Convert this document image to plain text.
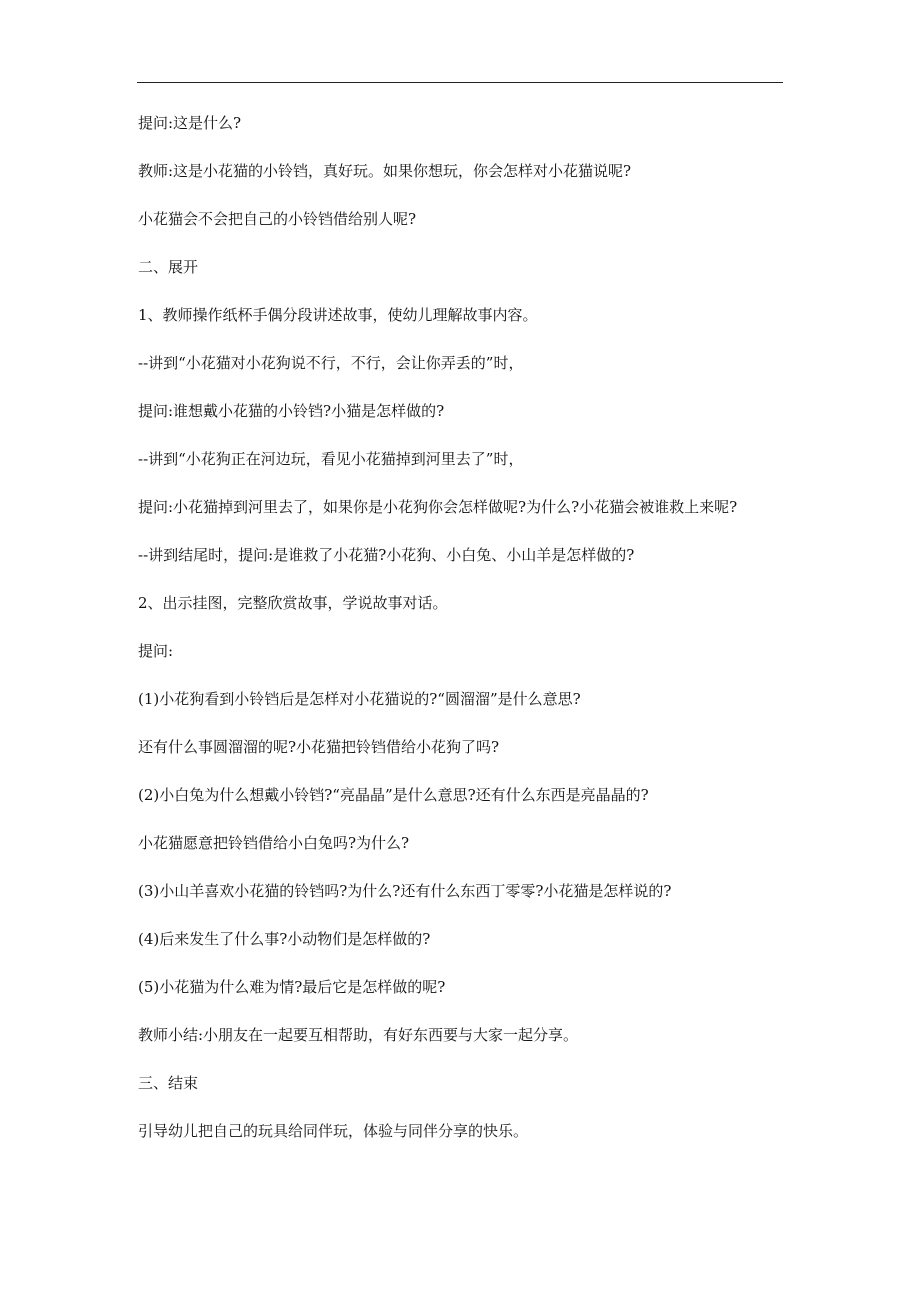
提问:这是什么?
教师:这是小花猫的小铃铛，真好玩。如果你想玩，你会怎样对小花猫说呢?
小花猫会不会把自己的小铃铛借给别人呢?
二、展开
1、教师操作纸杯手偶分段讲述故事，使幼儿理解故事内容。
--讲到“小花猫对小花狗说不行，不行，会让你弄丢的”时，
提问:谁想戴小花猫的小铃铛?小猫是怎样做的?
--讲到“小花狗正在河边玩，看见小花猫掉到河里去了”时，
提问:小花猫掉到河里去了，如果你是小花狗你会怎样做呢?为什么?小花猫会被谁救上来呢?
--讲到结尾时，提问:是谁救了小花猫?小花狗、小白兔、小山羊是怎样做的?
2、出示挂图，完整欣赏故事，学说故事对话。
提问:
(1)小花狗看到小铃铛后是怎样对小花猫说的?“圆溜溜”是什么意思?
还有什么事圆溜溜的呢?小花猫把铃铛借给小花狗了吗?
(2)小白兔为什么想戴小铃铛?“亮晶晶”是什么意思?还有什么东西是亮晶晶的?
小花猫愿意把铃铛借给小白兔吗?为什么?
(3)小山羊喜欢小花猫的铃铛吗?为什么?还有什么东西丁零零?小花猫是怎样说的?
(4)后来发生了什么事?小动物们是怎样做的?
(5)小花猫为什么难为情?最后它是怎样做的呢?
教师小结:小朋友在一起要互相帮助，有好东西要与大家一起分享。
三、结束
引导幼儿把自己的玩具给同伴玩，体验与同伴分享的快乐。
